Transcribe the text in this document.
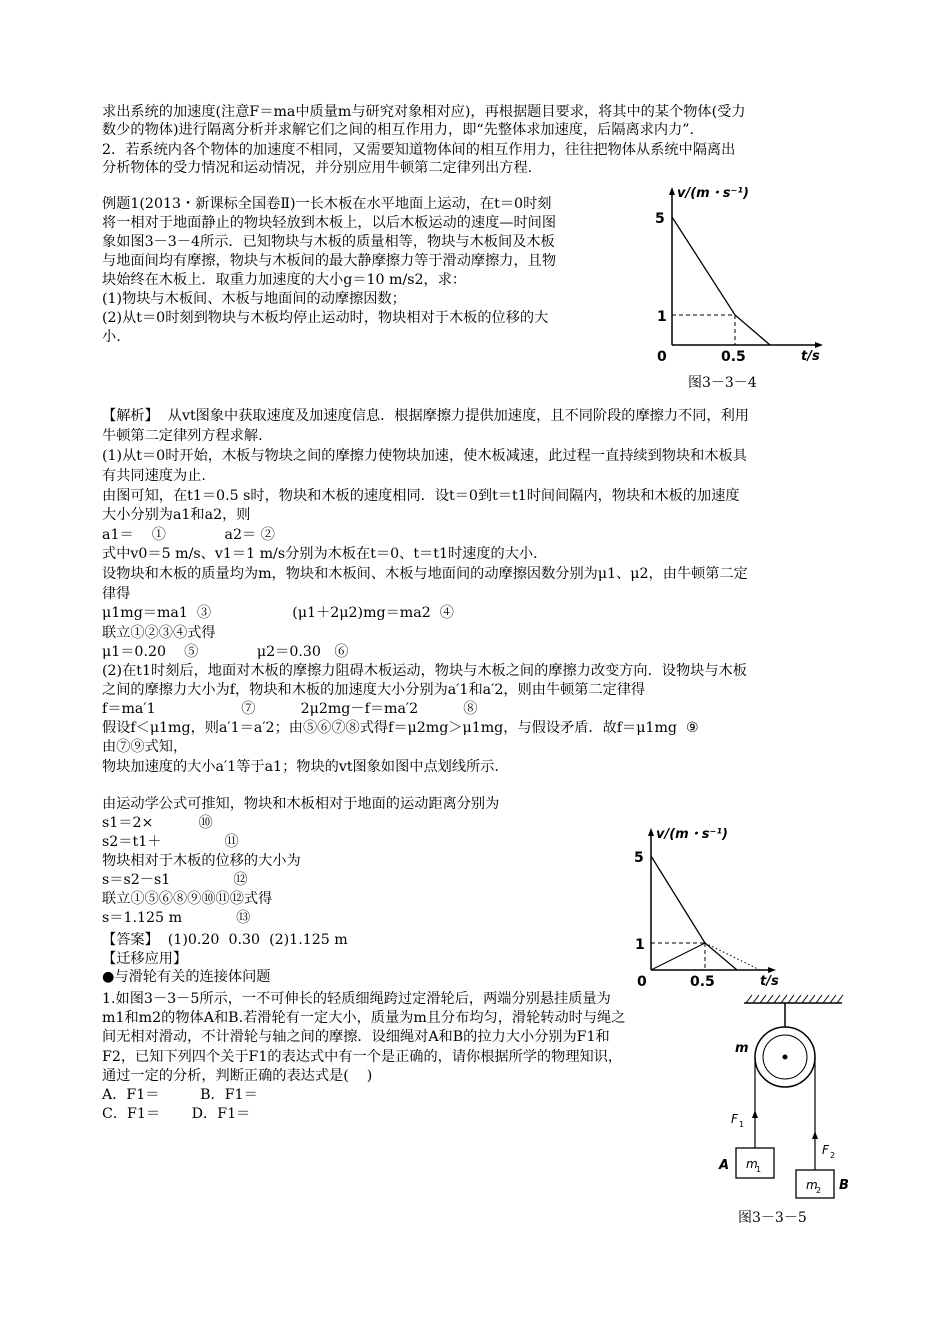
求出系统的加速度(注意F＝ma中质量m与研究对象相对应)，再根据题目要求，将其中的某个物体(受力
数少的物体)进行隔离分析并求解它们之间的相互作用力，即“先整体求加速度，后隔离求内力”.
2．若系统内各个物体的加速度不相同，又需要知道物体间的相互作用力，往往把物体从系统中隔离出
分析物体的受力情况和运动情况，并分别应用牛顿第二定律列出方程.
例题1(2013・新课标全国卷Ⅱ)一长木板在水平地面上运动，在t＝0时刻
将一相对于地面静止的物块轻放到木板上，以后木板运动的速度—时间图
象如图3－3－4所示．已知物块与木板的质量相等，物块与木板间及木板
与地面间均有摩擦，物块与木板间的最大静摩擦力等于滑动摩擦力，且物
块始终在木板上．取重力加速度的大小g＝10 m/s2，求：
(1)物块与木板间、木板与地面间的动摩擦因数；
(2)从t＝0时刻到物块与木板均停止运动时，物块相对于木板的位移的大
小.
v/(m・s⁻¹)
t/s
5
1
0	0.5
图3－3－4
【解析】  从vt图象中获取速度及加速度信息．根据摩擦力提供加速度，且不同阶段的摩擦力不同，利用
牛顿第二定律列方程求解.
(1)从t＝0时开始，木板与物块之间的摩擦力使物块加速，使木板减速，此过程一直持续到物块和木板具
有共同速度为止.
由图可知，在t1＝0.5 s时，物块和木板的速度相同．设t＝0到t＝t1时间间隔内，物块和木板的加速度
大小分别为a1和a2，则
a1＝    ①             a2＝ ②
式中v0＝5 m/s、v1＝1 m/s分别为木板在t＝0、t＝t1时速度的大小.
设物块和木板的质量均为m，物块和木板间、木板与地面间的动摩擦因数分别为μ1、μ2，由牛顿第二定
律得
μ1mg＝ma1  ③                  (μ1＋2μ2)mg＝ma2  ④
联立①②③④式得
μ1＝0.20    ⑤             μ2＝0.30   ⑥
(2)在t1时刻后，地面对木板的摩擦力阻碍木板运动，物块与木板之间的摩擦力改变方向．设物块与木板
之间的摩擦力大小为f，物块和木板的加速度大小分别为a′1和a′2，则由牛顿第二定律得
f＝ma′1                   ⑦          2μ2mg－f＝ma′2          ⑧
假设f＜μ1mg，则a′1＝a′2；由⑤⑥⑦⑧式得f＝μ2mg＞μ1mg，与假设矛盾．故f＝μ1mg  ⑨
由⑦⑨式知，
物块加速度的大小a′1等于a1；物块的vt图象如图中点划线所示.
由运动学公式可推知，物块和木板相对于地面的运动距离分别为
s1＝2×          ⑩
s2＝t1＋              ⑪
物块相对于木板的位移的大小为
s＝s2－s1              ⑫
联立①⑤⑥⑧⑨⑩⑪⑫式得
s＝1.125 m            ⑬
【答案】  (1)0.20  0.30  (2)1.125 m
【迁移应用】
●与滑轮有关的连接体问题
v/(m・s⁻¹)
t/s
5
1
0	0.5
1.如图3－3－5所示，一不可伸长的轻质细绳跨过定滑轮后，两端分别悬挂质量为
m1和m2的物体A和B.若滑轮有一定大小，质量为m且分布均匀，滑轮转动时与绳之
间无相对滑动，不计滑轮与轴之间的摩擦．设细绳对A和B的拉力大小分别为F1和
F2，已知下列四个关于F1的表达式中有一个是正确的，请你根据所学的物理知识，
通过一定的分析，判断正确的表达式是(    )
A．F1＝         B．F1＝
C．F1＝       D．F1＝
m
F 1
F 2
A
B
m
1
m
2
图3－3－5
